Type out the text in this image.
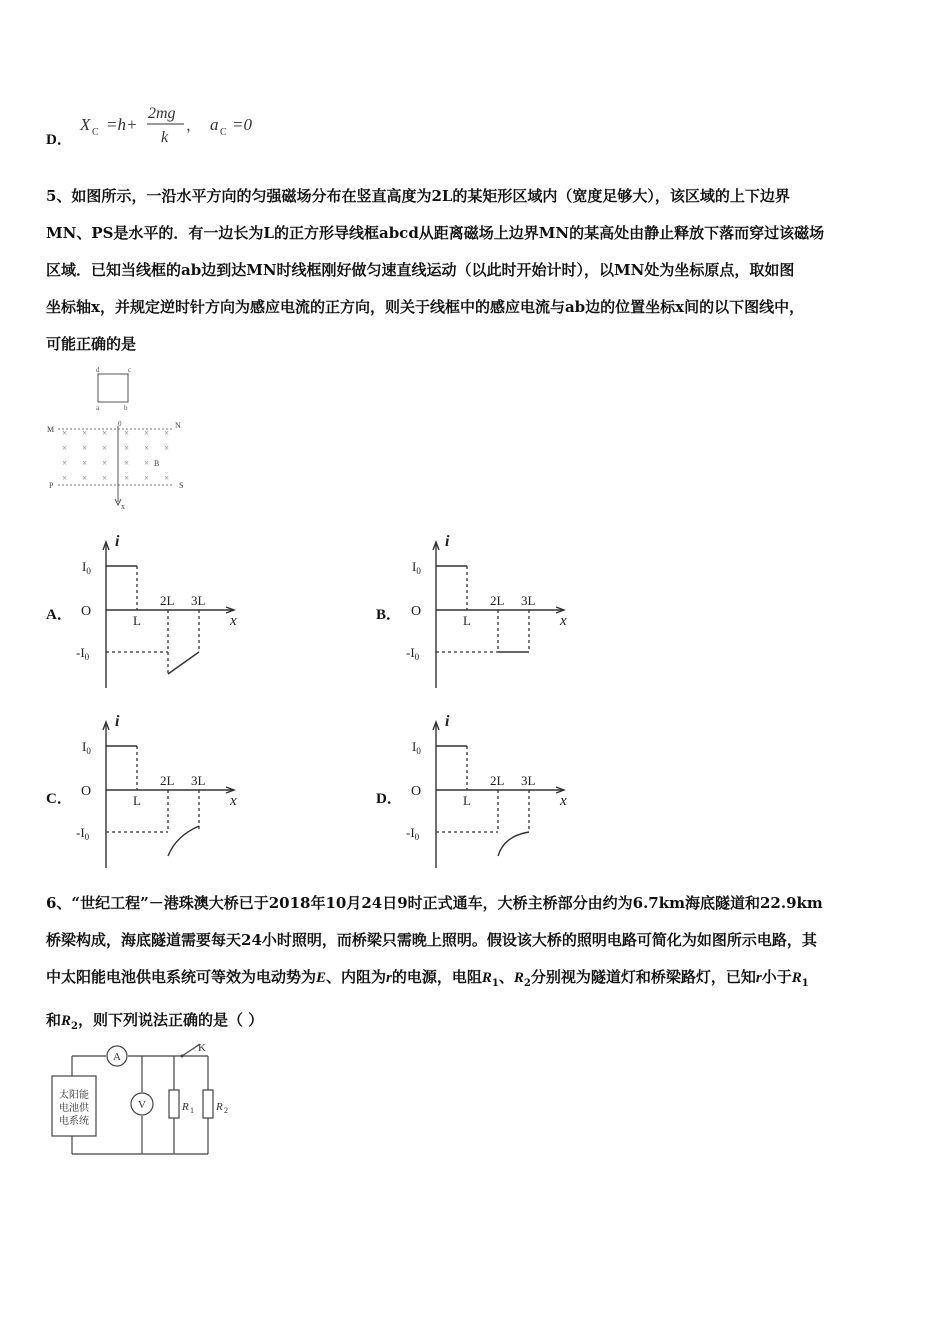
D．
X C =h+
2mg
k
， a C =0
5、如图所示，一沿水平方向的匀强磁场分布在竖直高度为2L的某矩形区域内（宽度足够大），该区域的上下边界
MN、PS是水平的．有一边长为L的正方形导线框abcd从距离磁场上边界MN的某高处由静止释放下落而穿过该磁场
区域．已知当线框的ab边到达MN时线框刚好做匀速直线运动（以此时开始计时），以MN处为坐标原点，取如图
坐标轴x，并规定逆时针方向为感应电流的正方向，则关于线框中的感应电流与ab边的位置坐标x间的以下图线中，
可能正确的是
d	c
a	b
M	N
P	S
0
x
B
× × × × × ×
× × × × × ×
× × × × ×
× × × × × ×
A．	B．
C．	D．
i
$I_0$
O
L
2L 3L
x
$-I_0$
i
$I_0$
O
L
2L 3L
x
$-I_0$
i
$I_0$
O
L
2L 3L
x
$-I_0$
i
$I_0$
O
L
2L 3L
x
$-I_0$
6、“世纪工程”－港珠澳大桥已于2018年10月24日9时正式通车，大桥主桥部分由约为6.7km海底隧道和22.9km
桥梁构成，海底隧道需要每天24小时照明，而桥梁只需晚上照明。假设该大桥的照明电路可简化为如图所示电路，其
中太阳能电池供电系统可等效为电动势为E、内阻为r的电源，电阻$R_1$、$R_2$分别视为隧道灯和桥梁路灯，已知r小于$R_1$
和$R_2$，则下列说法正确的是（ ）
K
太阳能
电池供
电系统
A
V	R 1 R 2
